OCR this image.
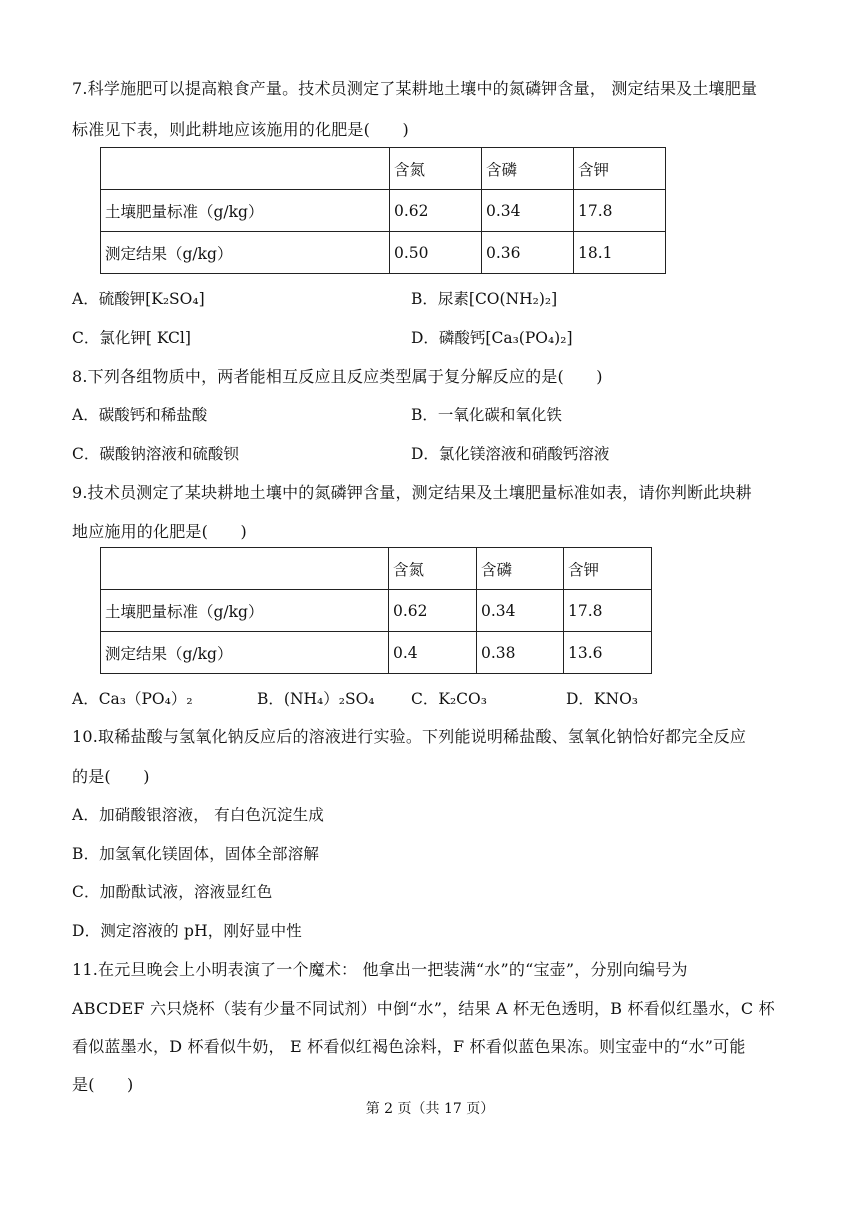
7.科学施肥可以提高粮食产量。技术员测定了某耕地土壤中的氮磷钾含量， 测定结果及土壤肥量
标准见下表，则此耕地应该施用的化肥是(　　)
	含氮	含磷	含钾
土壤肥量标准（g/kg）	0.62	0.34	17.8
测定结果（g/kg）	0.50	0.36	18.1
A．硫酸钾[K₂SO₄]	B．尿素[CO(NH₂)₂]
C．氯化钾[ KCl]	D．磷酸钙[Ca₃(PO₄)₂]
8.下列各组物质中，两者能相互反应且反应类型属于复分解反应的是(　　)
A．碳酸钙和稀盐酸	B．一氧化碳和氧化铁
C．碳酸钠溶液和硫酸钡	D．氯化镁溶液和硝酸钙溶液
9.技术员测定了某块耕地土壤中的氮磷钾含量，测定结果及土壤肥量标准如表，请你判断此块耕
地应施用的化肥是(　　)
	含氮	含磷	含钾
土壤肥量标准（g/kg）	0.62	0.34	17.8
测定结果（g/kg）	0.4	0.38	13.6
A．Ca₃（PO₄）₂	B．(NH₄）₂SO₄ C．K₂CO₃	D．KNO₃
10.取稀盐酸与氢氧化钠反应后的溶液进行实验。下列能说明稀盐酸、氢氧化钠恰好都完全反应
的是(　　)
A．加硝酸银溶液， 有白色沉淀生成
B．加氢氧化镁固体，固体全部溶解
C．加酚酞试液，溶液显红色
D．测定溶液的 pH，刚好显中性
11.在元旦晚会上小明表演了一个魔术： 他拿出一把装满“水”的“宝壶”，分别向编号为
ABCDEF 六只烧杯（装有少量不同试剂）中倒“水”，结果 A 杯无色透明，B 杯看似红墨水，C 杯
看似蓝墨水，D 杯看似牛奶， E 杯看似红褐色涂料，F 杯看似蓝色果冻。则宝壶中的“水”可能
是(　　)
第 2 页（共 17 页）
